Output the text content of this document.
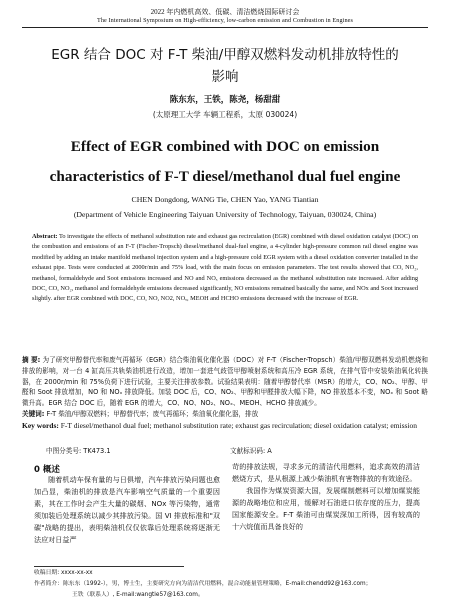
2022 年内燃机高效、低碳、清洁燃烧国际研讨会
The International Symposium on High-efficiency, low-carbon emission and Combustion in Engines
EGR 结合 DOC 对 F-T 柴油/甲醇双燃料发动机排放特性的
影响
陈东东，王铁，陈尧，杨甜甜
(太原理工大学 车辆工程系，太原 030024)
Effect of EGR combined with DOC on emission
characteristics of F-T diesel/methanol dual fuel engine
CHEN Dongdong, WANG Tie, CHEN Yao, YANG Tiantian
(Department of Vehicle Engineering Taiyuan University of Technology, Taiyuan, 030024, China)
Abstract: To investigate the effects of methanol substitution rate and exhaust gas recirculation (EGR) combined with diesel oxidation catalyst (DOC) on the combustion and emissions of an F-T (Fischer-Tropsch) diesel/methanol dual-fuel engine, a 4-cylinder high-pressure common rail diesel engine was modified by adding an intake manifold methanol injection system and a high-pressure cold EGR system with a diesel oxidation converter installed in the exhaust pipe. Tests were conducted at 2000r/min and 75% load, with the main focus on emission parameters. The test results showed that CO, NO₂, methanol, formaldehyde and Soot emissions increased and NO and NOₓ emissions decreased as the methanol substitution rate increased. After adding DOC, CO, NO₂, methanol and formaldehyde emissions decreased significantly, NO emissions remained basically the same, and NOx and Soot increased slightly. after EGR combined with DOC, CO, NO, NO2, NOₓ, MEOH and HCHO emissions decreased with the increase of EGR.
摘 要: 为了研究甲醇替代率和废气再循环（EGR）结合柴油氧化催化器（DOC）对 F-T（Fischer-Tropsch）柴油/甲醇双燃料发动机燃烧和排放的影响，对一台 4 缸高压共轨柴油机进行改造，增加一套进气歧管甲醇喷射系统和高压冷 EGR 系统，在排气管中安装柴油氧化转换器，在 2000r/min 和 75%负荷下进行试验，主要关注排放参数。试验结果表明：随着甲醇替代率（MSR）的增大，CO、NO₂、甲醇、甲醛和 Soot 排放增加，NO 和 NOₓ 排放降低。加装 DOC 后，CO、NO₂、甲醇和甲醛排放大幅下降，NO 排放基本不变，NOₓ 和 Soot 略微升高。EGR 结合 DOC 后，随着 EGR 的增大，CO、NO、NO₂、NOₓ、MEOH、HCHO 排放减少。
关键词: F-T 柴油/甲醇双燃料；甲醇替代率；废气再循环；柴油氧化催化器，排放
Key words: F-T diesel/methanol dual fuel; methanol substitution rate; exhaust gas recirculation; diesel oxidation catalyst; emission
中图分类号: TK473.1	文献标识码: A
0 概述
随着机动车保有量的与日俱增，汽车排放污染问题也愈加凸显，柴油机的排放是汽车影响空气质量的一个重要因素，其在工作时会产生大量的碳烟、NOx 等污染物，通常须加装后处理系统以减少其排放污染。国 VI 排放标准和"双碳"战略的提出，表明柴油机仅仅依靠后处理系统将逐渐无法应对日益严
苛的排放法规，寻求多元的清洁代用燃料，追求高效的清洁燃烧方式，是从根源上减少柴油机有害物排放的有效途径。
我国作为煤炭资源大国，发展煤制燃料可以增加煤炭能源的战略地位和应用，缓解对石油进口依存度的压力，提高国家能源安全。F-T 柴油可由煤炭深加工所得，因有较高的十六烷值而具备良好的
收稿日期: xxxx-xx-xx
作者简介：陈东东（1992-），男，博士生，主要研究方向为清洁代用燃料，混合动能量管理策略，E-mail:chendd92@163.com；
王铁（联系人）, E-mail:wangtie57@163.com。
